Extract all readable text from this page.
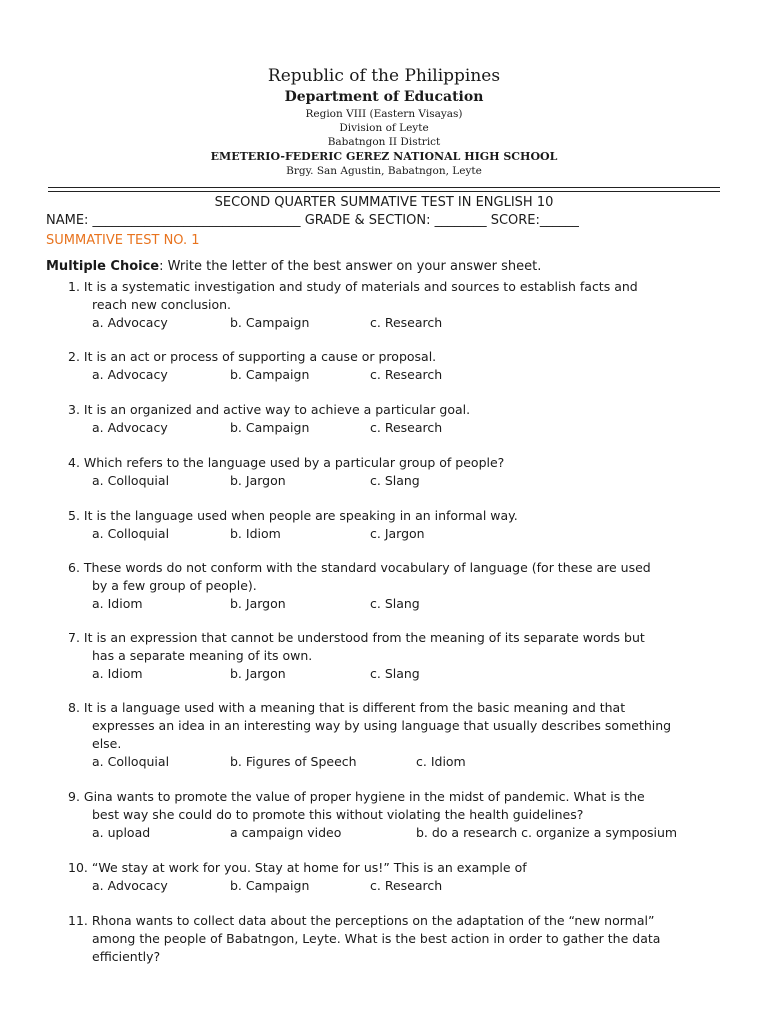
Republic of the Philippines
Department of Education
Region VIII (Eastern Visayas)
Division of Leyte
Babatngon II District
EMETERIO-FEDERIC GEREZ NATIONAL HIGH SCHOOL
Brgy. San Agustin, Babatngon, Leyte
SECOND QUARTER SUMMATIVE TEST IN ENGLISH 10
NAME: ________________________________ GRADE & SECTION: ________ SCORE:______
SUMMATIVE TEST NO. 1
Multiple Choice: Write the letter of the best answer on your answer sheet.
1. It is a systematic investigation and study of materials and sources to establish facts and
reach new conclusion.
a. Advocacy	b. Campaign	c. Research
2. It is an act or process of supporting a cause or proposal.
a. Advocacy	b. Campaign	c. Research
3. It is an organized and active way to achieve a particular goal.
a. Advocacy	b. Campaign	c. Research
4. Which refers to the language used by a particular group of people?
a. Colloquial	b. Jargon	c. Slang
5. It is the language used when people are speaking in an informal way.
a. Colloquial	b. Idiom	c. Jargon
6. These words do not conform with the standard vocabulary of language (for these are used
by a few group of people).
a. Idiom	b. Jargon	c. Slang
7. It is an expression that cannot be understood from the meaning of its separate words but
has a separate meaning of its own.
a. Idiom	b. Jargon	c. Slang
8. It is a language used with a meaning that is different from the basic meaning and that
expresses an idea in an interesting way by using language that usually describes something
else.
a. Colloquial	b. Figures of Speech	c. Idiom
9. Gina wants to promote the value of proper hygiene in the midst of pandemic. What is the
best way she could do to promote this without violating the health guidelines?
a. upload	a campaign video	b. do a research c. organize a symposium
10. “We stay at work for you. Stay at home for us!” This is an example of
a. Advocacy	b. Campaign	c. Research
11. Rhona wants to collect data about the perceptions on the adaptation of the “new normal”
among the people of Babatngon, Leyte. What is the best action in order to gather the data
efficiently?
